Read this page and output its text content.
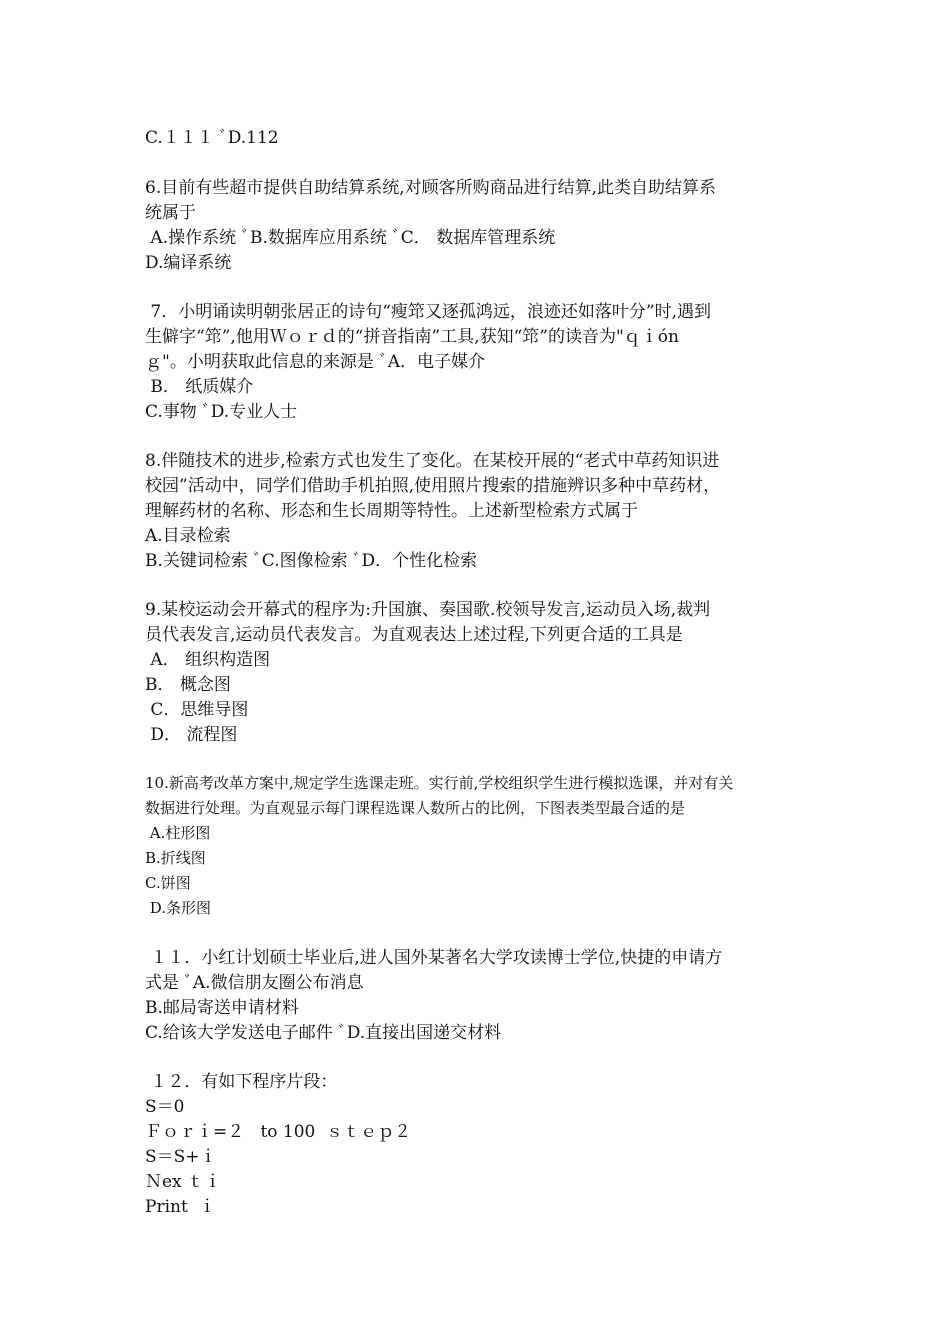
C.１１１ ﾞD.112
6.目前有些超市提供自助结算系统,对顾客所购商品进行结算,此类自助结算系
统属于
A.操作系统 ﾞB.数据库应用系统 ﾞC． 数据库管理系统
D.编译系统
7．小明诵读明朝张居正的诗句“瘦筇又逐孤鸿远，浪迹还如落叶分”时,遇到
生僻字“筇”,他用Ｗｏｒｄ的“拼音指南”工具,获知“筇”的读音为"ｑｉón
ｇ"。小明获取此信息的来源是 ﾞA．电子媒介
B． 纸质媒介
C.事物 ﾞD.专业人士
8.伴随技术的进步,检索方式也发生了变化。在某校开展的“老式中草药知识进
校园”活动中，同学们借助手机拍照,使用照片搜索的措施辨识多种中草药材，
理解药材的名称、形态和生长周期等特性。上述新型检索方式属于
A.目录检索
B.关键词检索 ﾞC.图像检索 ﾞD．个性化检索
9.某校运动会开幕式的程序为:升国旗、奏国歌.校领导发言,运动员入场,裁判
员代表发言,运动员代表发言。为直观表达上述过程,下列更合适的工具是
A． 组织构造图
B． 概念图
C．思维导图
D． 流程图
10.新高考改革方案中,规定学生选课走班。实行前,学校组织学生进行模拟选课，并对有关
数据进行处理。为直观显示每门课程选课人数所占的比例，下图表类型最合适的是
A.柱形图
B.折线图
C.饼图
D.条形图
１１．小红计划硕士毕业后,进人国外某著名大学攻读博士学位,快捷的申请方
式是 ﾞA.微信朋友圈公布消息
B.邮局寄送申请材料
C.给该大学发送电子邮件 ﾞD.直接出国递交材料
１２．有如下程序片段：
S＝0
Ｆｏｒｉ=２   to 100  ｓｔｅｐ２
S＝S+ｉ
Ｎex ｔｉ
Print  ｉ
